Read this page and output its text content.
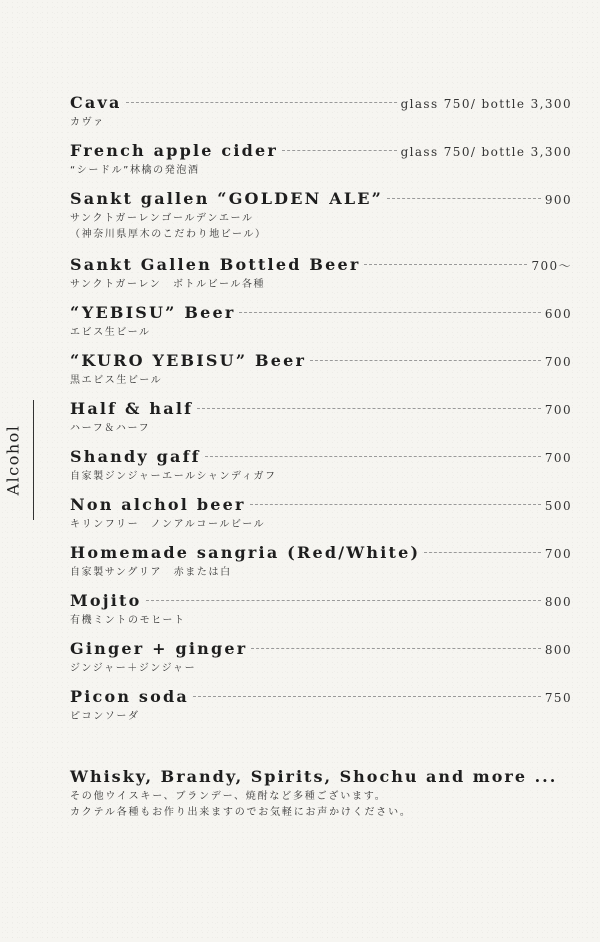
Alcohol
Cava	glass 750/ bottle 3,300
カヴァ
French apple cider	glass 750/ bottle 3,300
“シードル”林檎の発泡酒
Sankt gallen “GOLDEN ALE”	900
サンクトガーレンゴールデンエール
（神奈川県厚木のこだわり地ビール）
Sankt Gallen Bottled Beer	700〜
サンクトガーレン　ボトルビール各種
“YEBISU” Beer	600
エビス生ビール
“KURO YEBISU” Beer	700
黒エビス生ビール
Half & half	700
ハーフ＆ハーフ
Shandy gaff	700
自家製ジンジャーエールシャンディガフ
Non alchol beer	500
キリンフリー　ノンアルコールビール
Homemade sangria (Red/White)	700
自家製サングリア　赤または白
Mojito	800
有機ミントのモヒート
Ginger + ginger	800
ジンジャー＋ジンジャー
Picon soda	750
ピコンソーダ
Whisky, Brandy, Spirits, Shochu and more ...
その他ウイスキー、ブランデー、焼酎など多種ございます。
カクテル各種もお作り出来ますのでお気軽にお声かけください。
